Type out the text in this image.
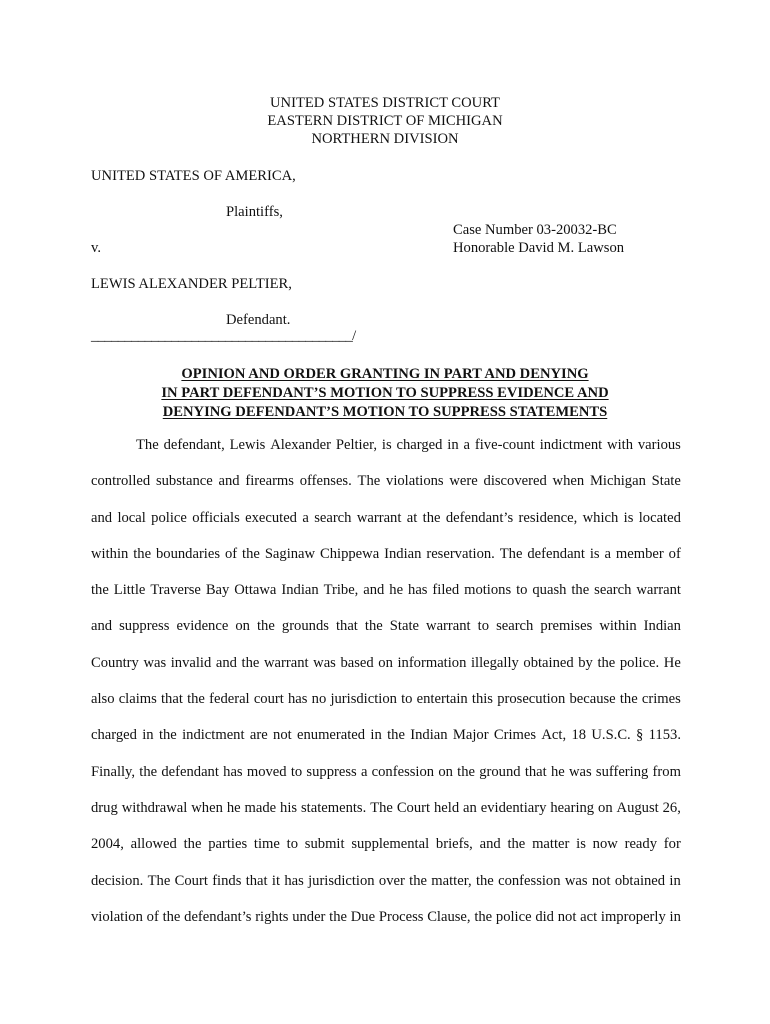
UNITED STATES DISTRICT COURT
EASTERN DISTRICT OF MICHIGAN
NORTHERN DIVISION
UNITED STATES OF AMERICA,
Plaintiffs,
Case Number 03-20032-BC
v.	Honorable David M. Lawson
LEWIS ALEXANDER PELTIER,
Defendant.
_______________________________________/
OPINION AND ORDER GRANTING IN PART AND DENYING
IN PART DEFENDANT’S MOTION TO SUPPRESS EVIDENCE AND
DENYING DEFENDANT’S MOTION TO SUPPRESS STATEMENTS
The defendant, Lewis Alexander Peltier, is charged in a five-count indictment with various
controlled substance and firearms offenses. The violations were discovered when Michigan State
and local police officials executed a search warrant at the defendant’s residence, which is located
within the boundaries of the Saginaw Chippewa Indian reservation. The defendant is a member of
the Little Traverse Bay Ottawa Indian Tribe, and he has filed motions to quash the search warrant
and suppress evidence on the grounds that the State warrant to search premises within Indian
Country was invalid and the warrant was based on information illegally obtained by the police. He
also claims that the federal court has no jurisdiction to entertain this prosecution because the crimes
charged in the indictment are not enumerated in the Indian Major Crimes Act, 18 U.S.C. § 1153.
Finally, the defendant has moved to suppress a confession on the ground that he was suffering from
drug withdrawal when he made his statements. The Court held an evidentiary hearing on August 26,
2004, allowed the parties time to submit supplemental briefs, and the matter is now ready for
decision. The Court finds that it has jurisdiction over the matter, the confession was not obtained in
violation of the defendant’s rights under the Due Process Clause, the police did not act improperly in
